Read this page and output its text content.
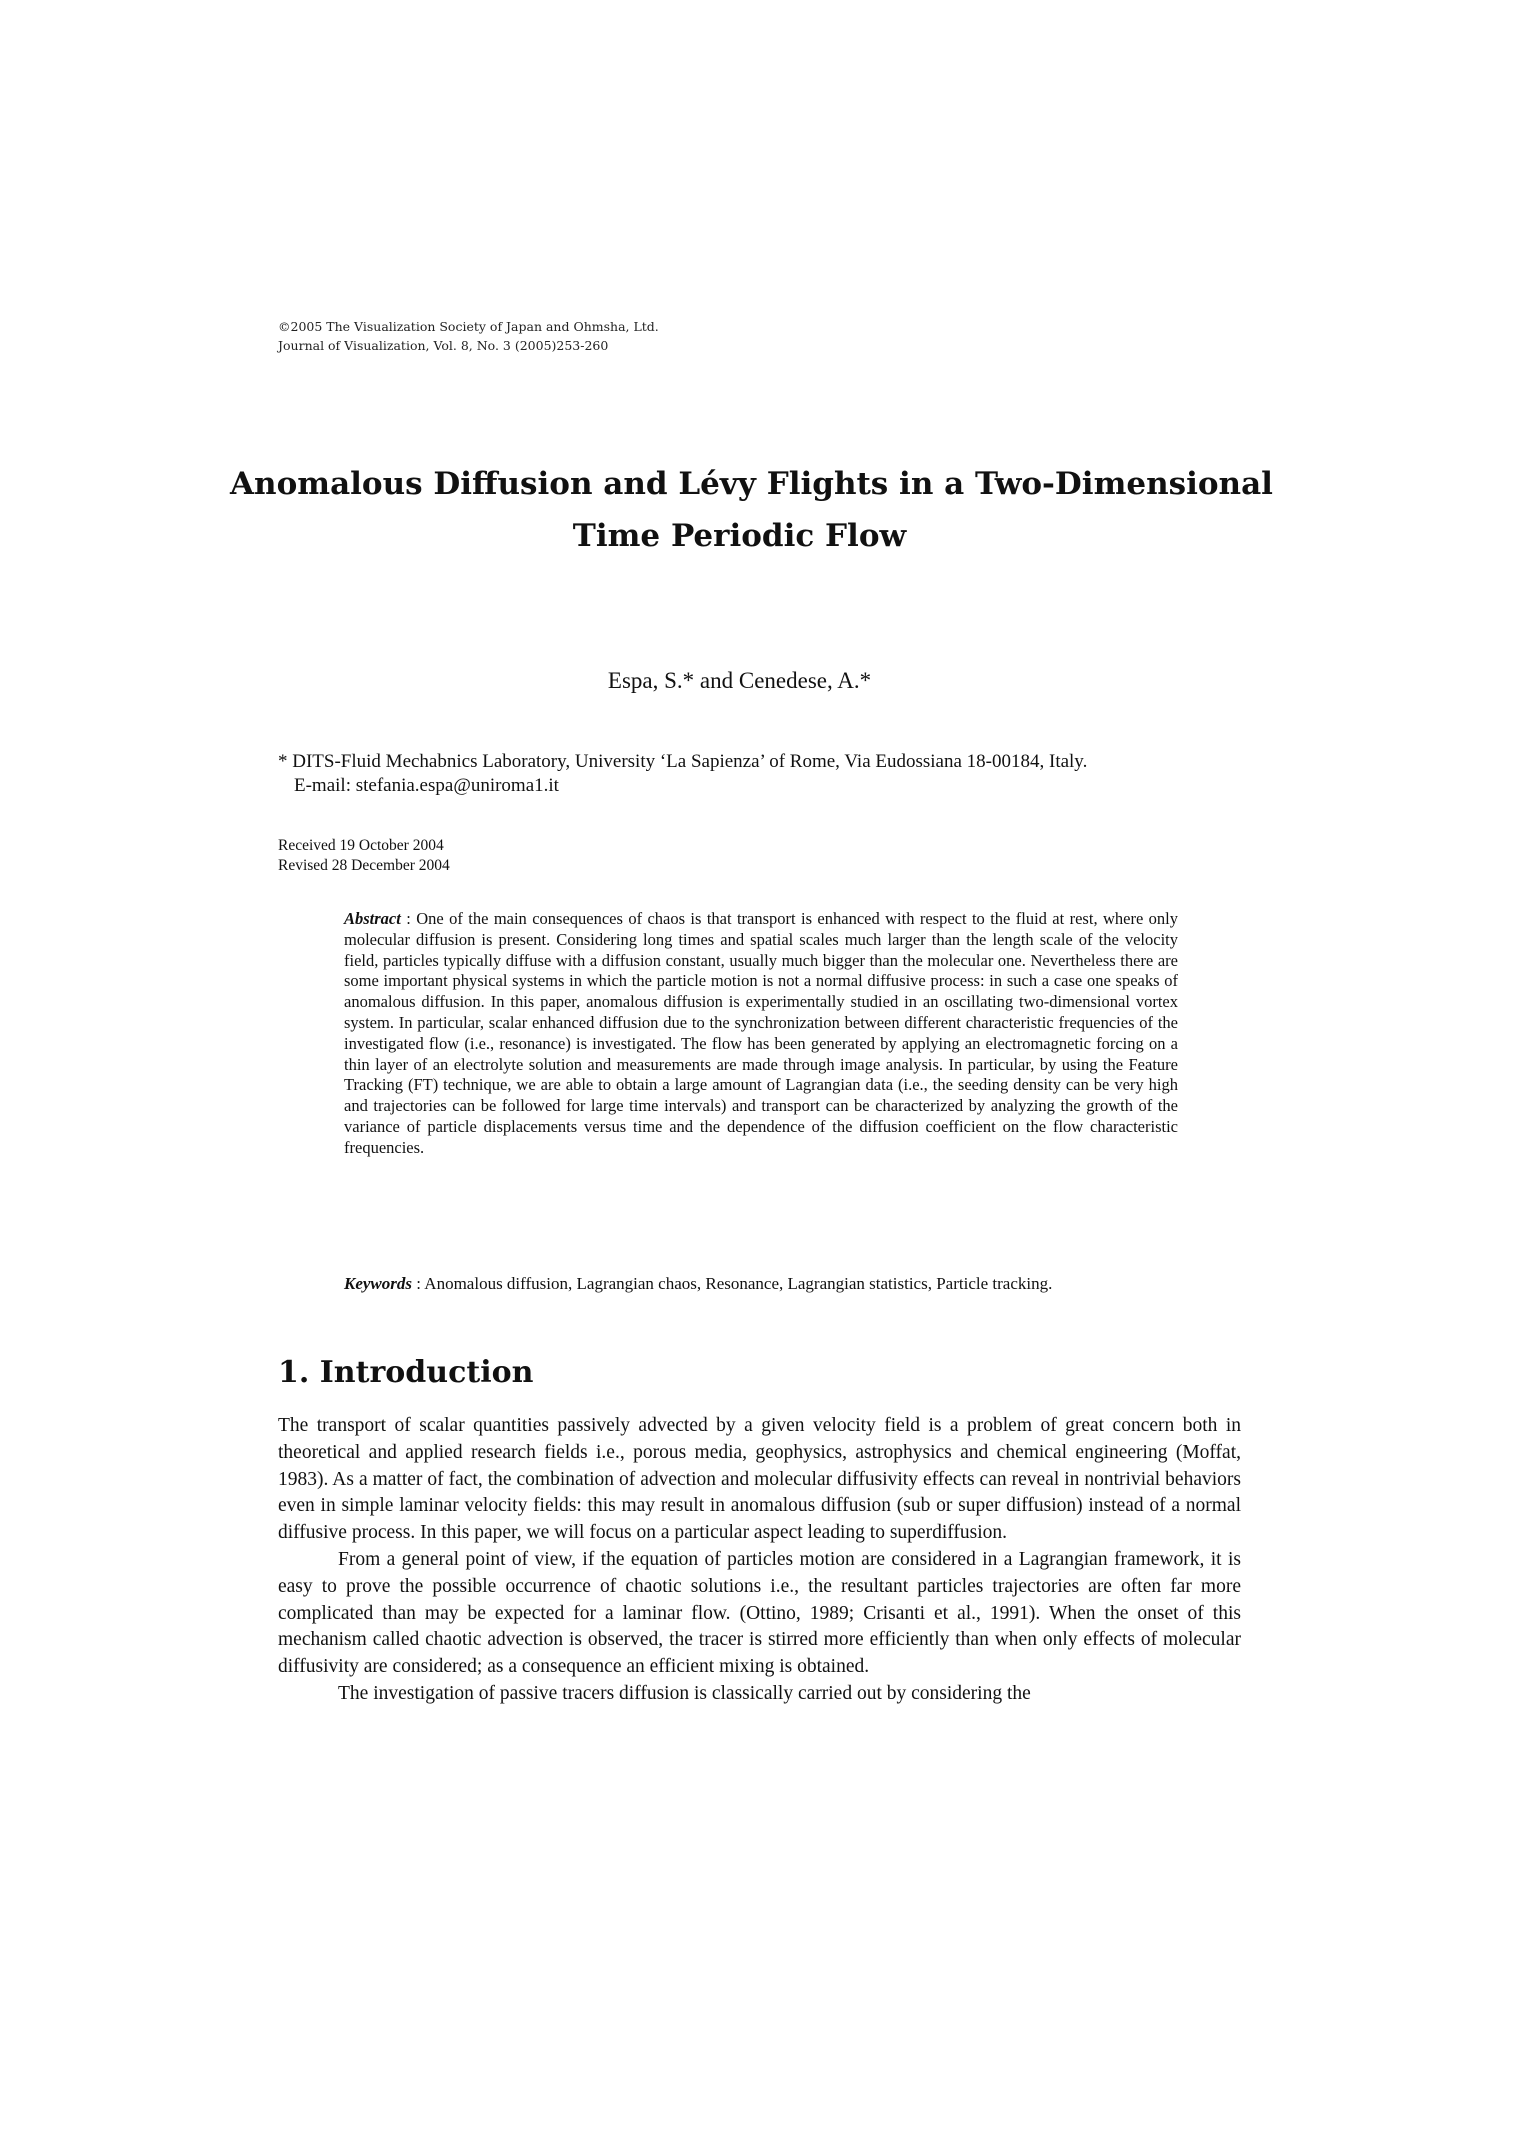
©2005 The Visualization Society of Japan and Ohmsha, Ltd.
Journal of Visualization, Vol. 8, No. 3 (2005)253-260
Anomalous Diffusion and Lévy Flights in a Two-Dimensional
Time Periodic Flow
Espa, S.* and Cenedese, A.*
* DITS-Fluid Mechabnics Laboratory, University ‘La Sapienza’ of Rome, Via Eudossiana 18-00184, Italy.
E-mail: stefania.espa@uniroma1.it
Received 19 October 2004
Revised 28 December 2004
Abstract : One of the main consequences of chaos is that transport is enhanced with respect to the fluid at rest, where only molecular diffusion is present. Considering long times and spatial scales much larger than the length scale of the velocity field, particles typically diffuse with a diffusion constant, usually much bigger than the molecular one. Nevertheless there are some important physical systems in which the particle motion is not a normal diffusive process: in such a case one speaks of anomalous diffusion. In this paper, anomalous diffusion is experimentally studied in an oscillating two-dimensional vortex system. In particular, scalar enhanced diffusion due to the synchronization between different characteristic frequencies of the investigated flow (i.e., resonance) is investigated. The flow has been generated by applying an electromagnetic forcing on a thin layer of an electrolyte solution and measurements are made through image analysis. In particular, by using the Feature Tracking (FT) technique, we are able to obtain a large amount of Lagrangian data (i.e., the seeding density can be very high and trajectories can be followed for large time intervals) and transport can be characterized by analyzing the growth of the variance of particle displacements versus time and the dependence of the diffusion coefficient on the flow characteristic frequencies.
Keywords : Anomalous diffusion, Lagrangian chaos, Resonance, Lagrangian statistics, Particle tracking.
1. Introduction

The transport of scalar quantities passively advected by a given velocity field is a problem of great concern both in theoretical and applied research fields i.e., porous media, geophysics, astrophysics and chemical engineering (Moffat, 1983). As a matter of fact, the combination of advection and molecular diffusivity effects can reveal in nontrivial behaviors even in simple laminar velocity fields: this may result in anomalous diffusion (sub or super diffusion) instead of a normal diffusive process. In this paper, we will focus on a particular aspect leading to superdiffusion.

From a general point of view, if the equation of particles motion are considered in a Lagrangian framework, it is easy to prove the possible occurrence of chaotic solutions i.e., the resultant particles trajectories are often far more complicated than may be expected for a laminar flow. (Ottino, 1989; Crisanti et al., 1991). When the onset of this mechanism called chaotic advection is observed, the tracer is stirred more efficiently than when only effects of molecular diffusivity are considered; as a consequence an efficient mixing is obtained.

The investigation of passive tracers diffusion is classically carried out by considering the
